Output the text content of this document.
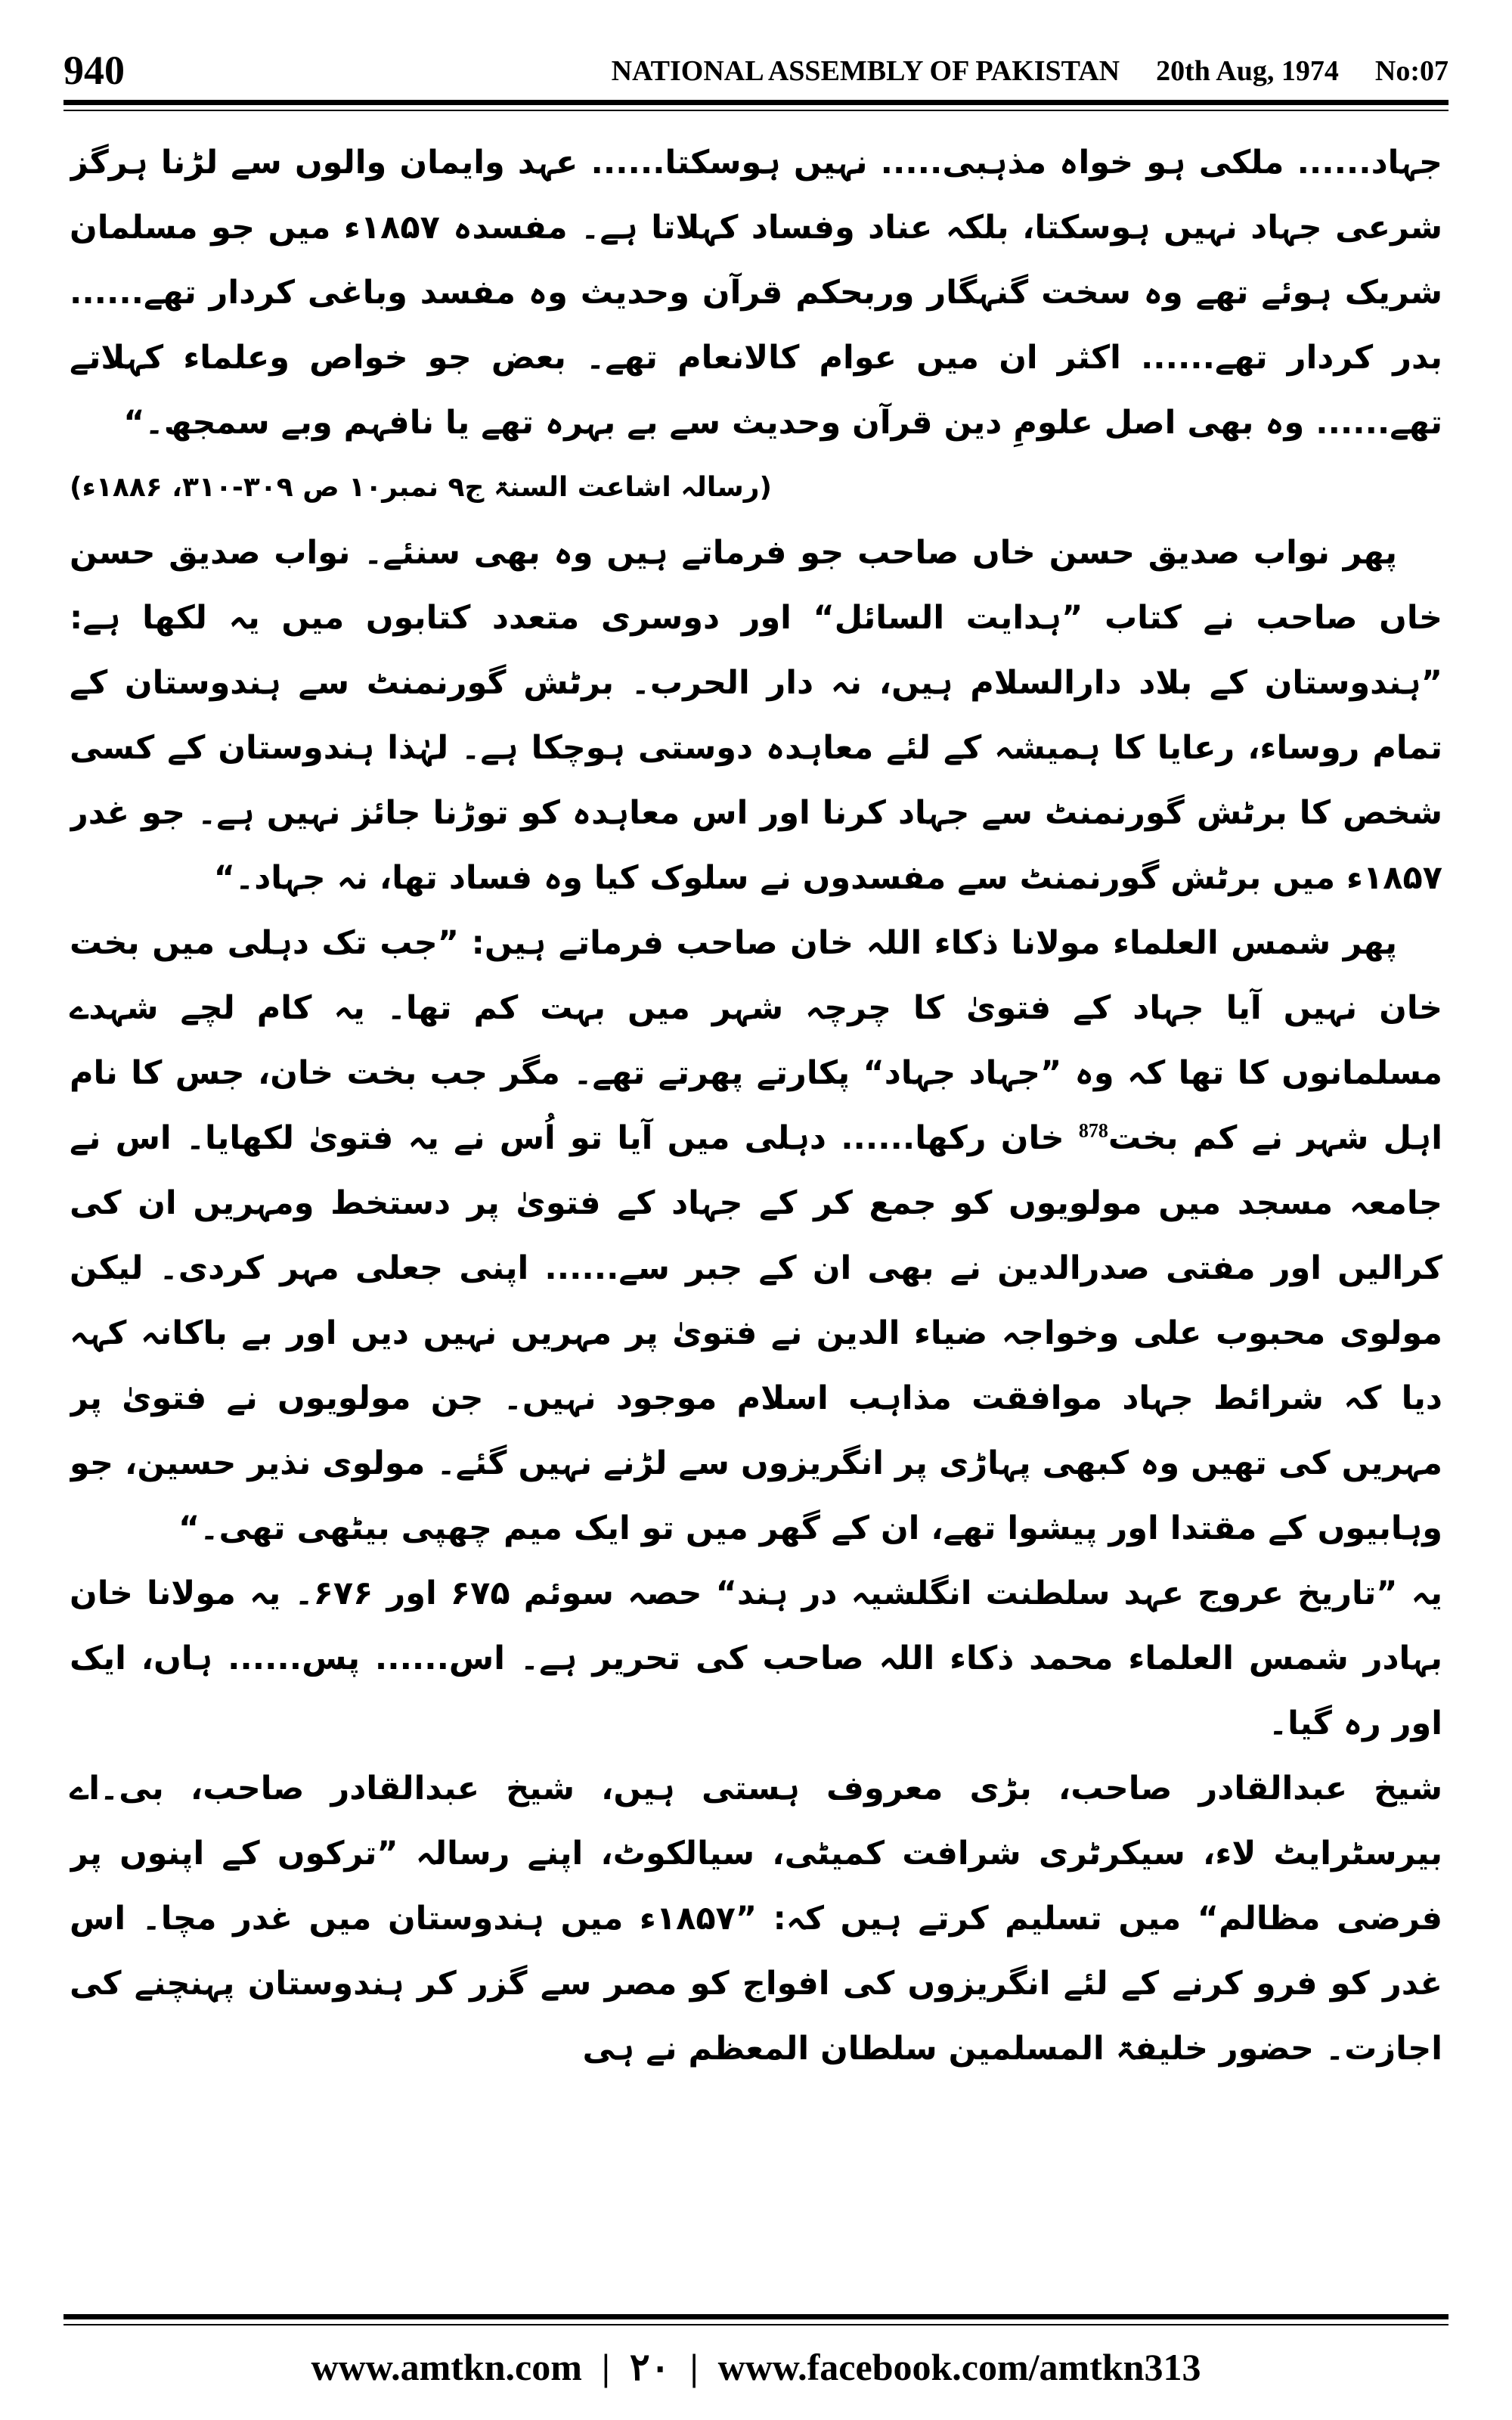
940	NATIONAL ASSEMBLY OF PAKISTAN 20th Aug, 1974 No:07

جہاد...... ملکی ہو خواہ مذہبی..... نہیں ہوسکتا...... عہد وایمان والوں سے لڑنا ہرگز شرعی جہاد نہیں ہوسکتا، بلکہ عناد وفساد کہلاتا ہے۔ مفسدہ ۱۸۵۷ء میں جو مسلمان شریک ہوئے تھے وہ سخت گنہگار وربحکم قرآن وحدیث وہ مفسد وباغی کردار تھے...... بدر کردار تھے...... اکثر ان میں عوام کالانعام تھے۔ بعض جو خواص وعلماء کہلاتے تھے...... وہ بھی اصل علومِ دین قرآن وحدیث سے بے بہرہ تھے یا نافہم وبے سمجھ۔“

(رسالہ اشاعت السنۃ ج۹ نمبر۱۰ ص ۳۰۹-۳۱۰، ۱۸۸۶ء)

پھر نواب صدیق حسن خاں صاحب جو فرماتے ہیں وہ بھی سنئے۔ نواب صدیق حسن خاں صاحب نے کتاب ”ہدایت السائل“ اور دوسری متعدد کتابوں میں یہ لکھا ہے: ”ہندوستان کے بلاد دارالسلام ہیں، نہ دار الحرب۔ برٹش گورنمنٹ سے ہندوستان کے تمام روساء، رعایا کا ہمیشہ کے لئے معاہدہ دوستی ہوچکا ہے۔ لہٰذا ہندوستان کے کسی شخص کا برٹش گورنمنٹ سے جہاد کرنا اور اس معاہدہ کو توڑنا جائز نہیں ہے۔ جو غدر ۱۸۵۷ء میں برٹش گورنمنٹ سے مفسدوں نے سلوک کیا وہ فساد تھا، نہ جہاد۔“

پھر شمس العلماء مولانا ذکاء اللہ خان صاحب فرماتے ہیں: ”جب تک دہلی میں بخت خان نہیں آیا جہاد کے فتویٰ کا چرچہ شہر میں بہت کم تھا۔ یہ کام لچے شہدے مسلمانوں کا تھا کہ وہ ”جہاد جہاد“ پکارتے پھرتے تھے۔ مگر جب بخت خان، جس کا نام اہل شہر نے کم بخت$^{878}$ خان رکھا...... دہلی میں آیا تو اُس نے یہ فتویٰ لکھایا۔ اس نے جامعہ مسجد میں مولویوں کو جمع کر کے جہاد کے فتویٰ پر دستخط ومہریں ان کی کرالیں اور مفتی صدرالدین نے بھی ان کے جبر سے...... اپنی جعلی مہر کردی۔ لیکن مولوی محبوب علی وخواجہ ضیاء الدین نے فتویٰ پر مہریں نہیں دیں اور بے باکانہ کہہ دیا کہ شرائط جہاد موافقت مذاہب اسلام موجود نہیں۔ جن مولویوں نے فتویٰ پر مہریں کی تھیں وہ کبھی پہاڑی پر انگریزوں سے لڑنے نہیں گئے۔ مولوی نذیر حسین، جو وہابیوں کے مقتدا اور پیشوا تھے، ان کے گھر میں تو ایک میم چھپی بیٹھی تھی۔“

یہ ”تاریخ عروج عہد سلطنت انگلشیہ در ہند“ حصہ سوئم ۶۷۵ اور ۶۷۶۔ یہ مولانا خان بہادر شمس العلماء محمد ذکاء اللہ صاحب کی تحریر ہے۔ اس...... پس...... ہاں، ایک اور رہ گیا۔

شیخ عبدالقادر صاحب، بڑی معروف ہستی ہیں، شیخ عبدالقادر صاحب، بی۔اے بیرسٹرایٹ لاء، سیکرٹری شرافت کمیٹی، سیالکوٹ، اپنے رسالہ ”ترکوں کے اپنوں پر فرضی مظالم“ میں تسلیم کرتے ہیں کہ: ”۱۸۵۷ء میں ہندوستان میں غدر مچا۔ اس غدر کو فرو کرنے کے لئے انگریزوں کی افواج کو مصر سے گزر کر ہندوستان پہنچنے کی اجازت۔ حضور خلیفۃ المسلمین سلطان المعظم نے ہی

www.amtkn.com | ۲۰ | www.facebook.com/amtkn313
